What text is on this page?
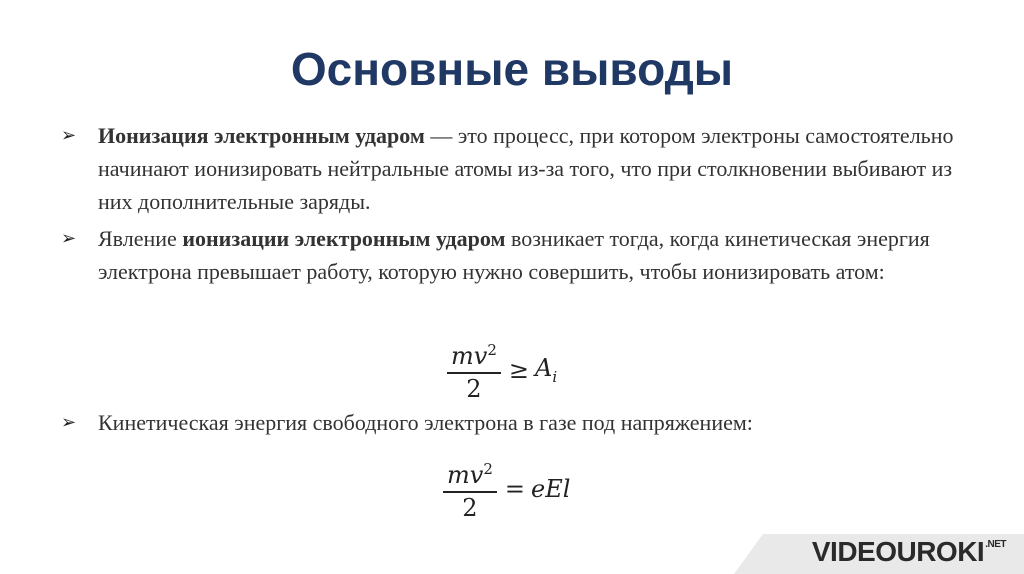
Основные выводы
➢ Ионизация электронным ударом — это процесс, при котором электроны самостоятельно начинают ионизировать нейтральные атомы из-за того, что при столкновении выбивают из них дополнительные заряды.
➢ Явление ионизации электронным ударом возникает тогда, когда кинетическая энергия электрона превышает работу, которую нужно совершить, чтобы ионизировать атом:
$\frac{mv^2}{2} \ge A_i$
➢ Кинетическая энергия свободного электрона в газе под напряжением:
$\frac{mv^2}{2}$ = eEl
$VIDEOUROKI^{.NET}$
